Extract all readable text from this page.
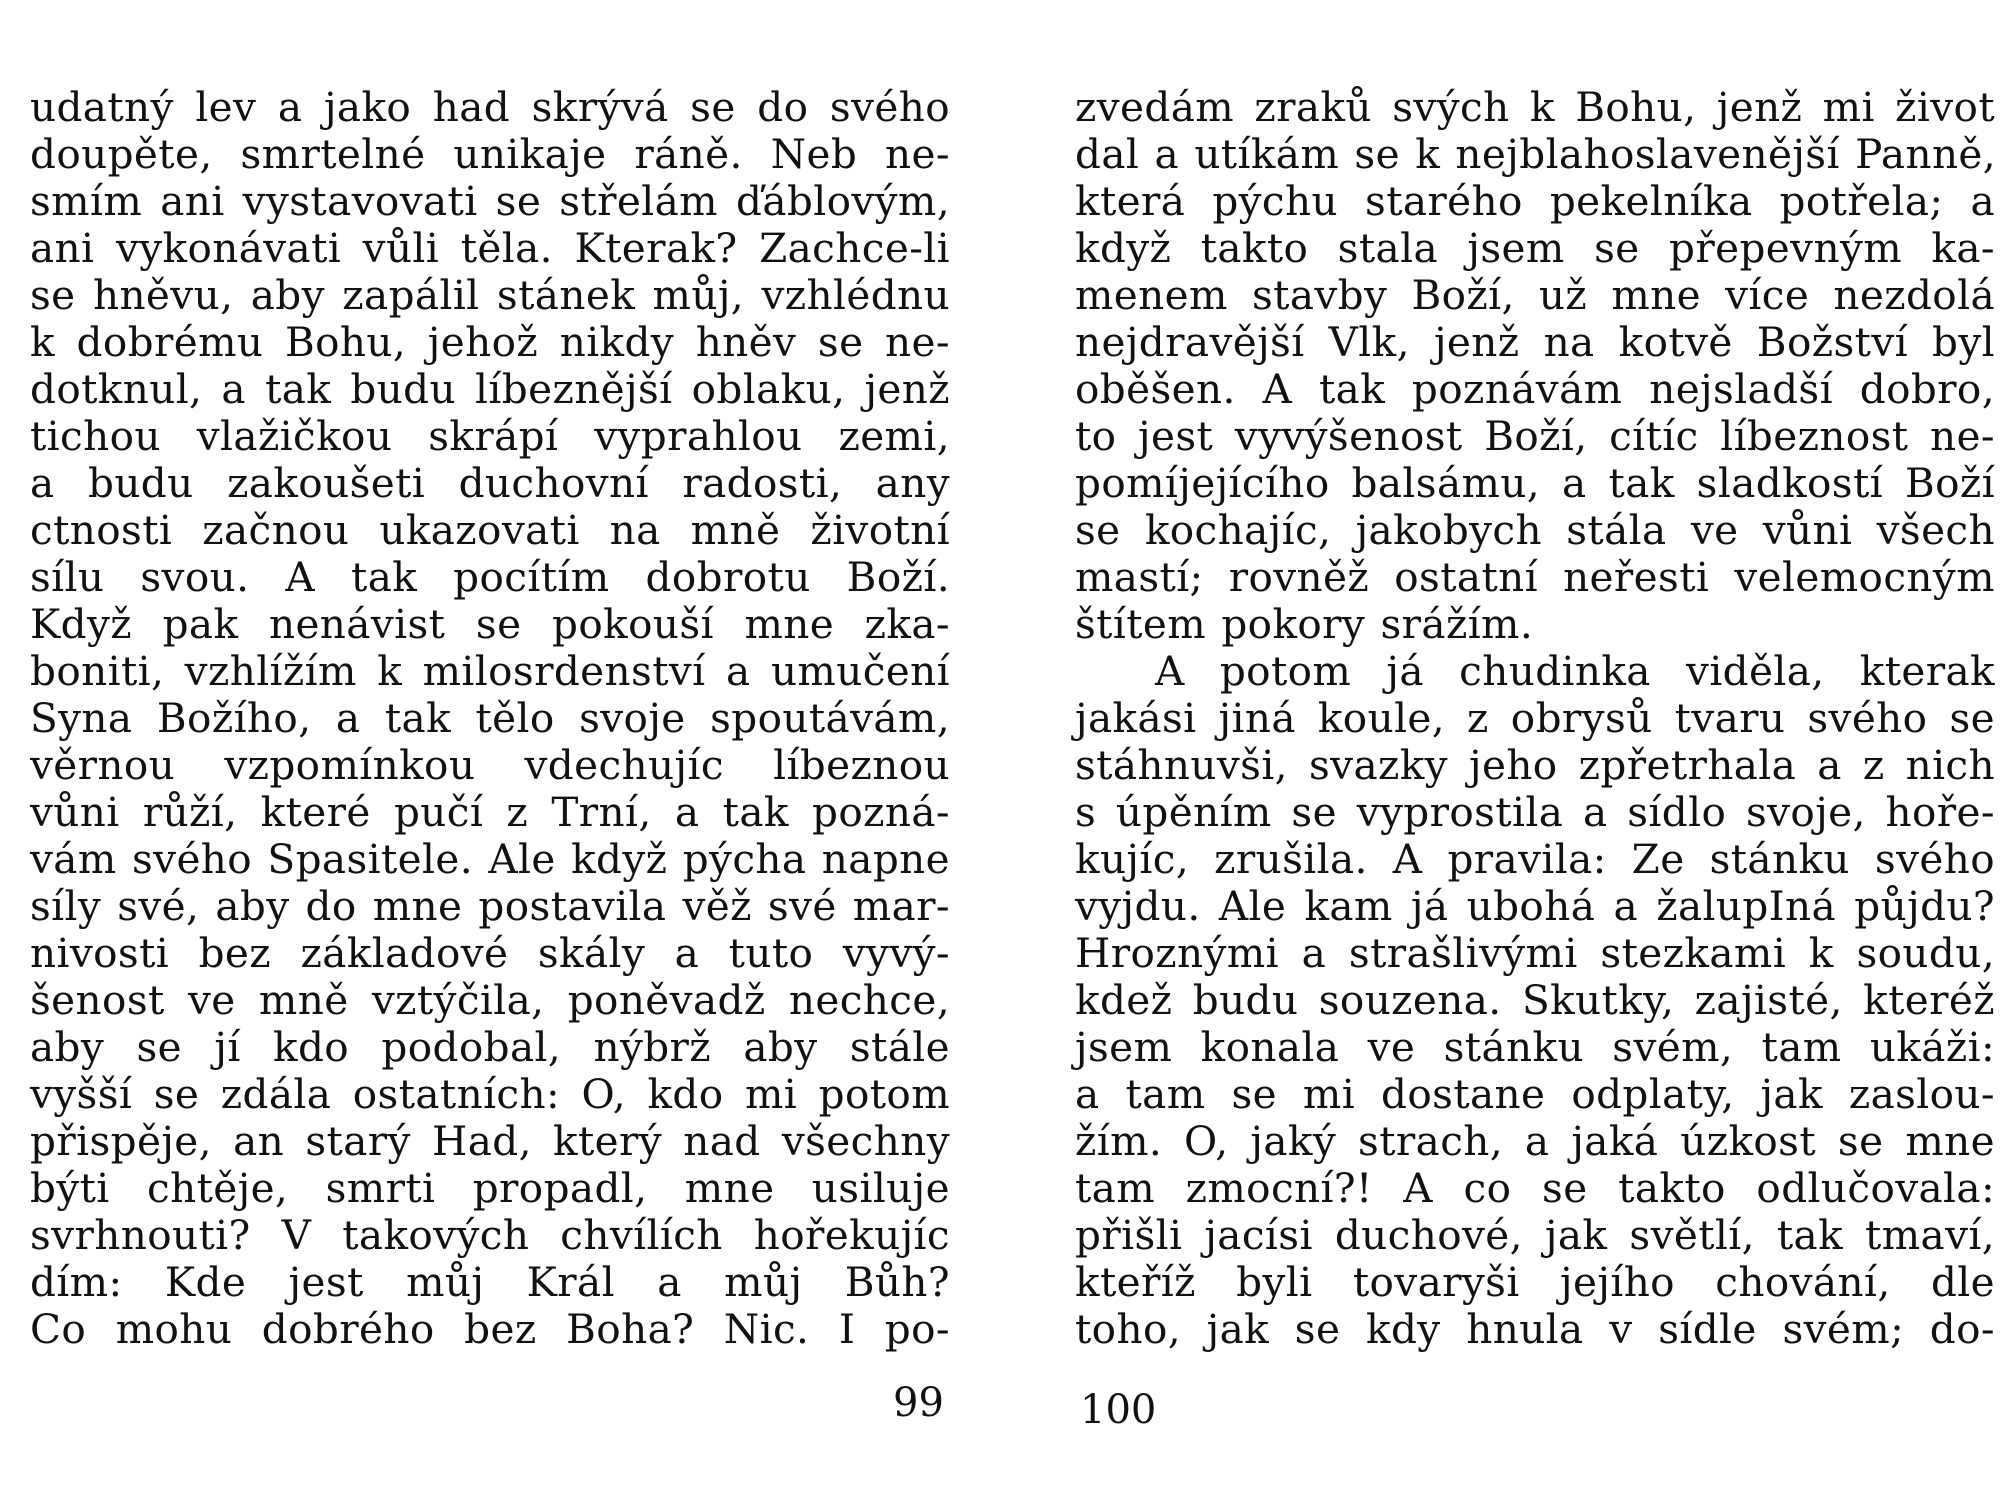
udatný lev a jako had skrývá se do svého
doupěte, smrtelné unikaje ráně. Neb ne-
smím ani vystavovati se střelám ďáblovým,
ani vykonávati vůli těla. Kterak? Zachce-li
se hněvu, aby zapálil stánek můj, vzhlédnu
k dobrému Bohu, jehož nikdy hněv se ne-
dotknul, a tak budu líbeznější oblaku, jenž
tichou vlažičkou skrápí vyprahlou zemi,
a budu zakoušeti duchovní radosti, any
ctnosti začnou ukazovati na mně životní
sílu svou. A tak pocítím dobrotu Boží.
Když pak nenávist se pokouší mne zka-
boniti, vzhlížím k milosrdenství a umučení
Syna Božího, a tak tělo svoje spoutávám,
věrnou vzpomínkou vdechujíc líbeznou
vůni růží, které pučí z Trní, a tak pozná-
vám svého Spasitele. Ale když pýcha napne
síly své, aby do mne postavila věž své mar-
nivosti bez základové skály a tuto vyvý-
šenost ve mně vztýčila, poněvadž nechce,
aby se jí kdo podobal, nýbrž aby stále
vyšší se zdála ostatních: O, kdo mi potom
přispěje, an starý Had, který nad všechny
býti chtěje, smrti propadl, mne usiluje
svrhnouti? V takových chvílích hořekujíc
dím: Kde jest můj Král a můj Bůh?
Co mohu dobrého bez Boha? Nic. I po-
99
zvedám zraků svých k Bohu, jenž mi život
dal a utíkám se k nejblahoslavenější Panně,
která pýchu starého pekelníka potřela; a
když takto stala jsem se přepevným ka-
menem stavby Boží, už mne více nezdolá
nejdravější Vlk, jenž na kotvě Božství byl
oběšen. A tak poznávám nejsladší dobro,
to jest vyvýšenost Boží, cítíc líbeznost ne-
pomíjejícího balsámu, a tak sladkostí Boží
se kochajíc, jakobych stála ve vůni všech
mastí; rovněž ostatní neřesti velemocným
štítem pokory srážím.
A potom já chudinka viděla, kterak
jakási jiná koule, z obrysů tvaru svého se
stáhnuvši, svazky jeho zpřetrhala a z nich
s úpěním se vyprostila a sídlo svoje, hoře-
kujíc, zrušila. A pravila: Ze stánku svého
vyjdu. Ale kam já ubohá a žalupIná půjdu?
Hroznými a strašlivými stezkami k soudu,
kdež budu souzena. Skutky, zajisté, kteréž
jsem konala ve stánku svém, tam ukáži:
a tam se mi dostane odplaty, jak zaslou-
žím. O, jaký strach, a jaká úzkost se mne
tam zmocní?! A co se takto odlučovala:
přišli jacísi duchové, jak světlí, tak tmaví,
kteříž byli tovaryši jejího chování, dle
toho, jak se kdy hnula v sídle svém; do-
100
